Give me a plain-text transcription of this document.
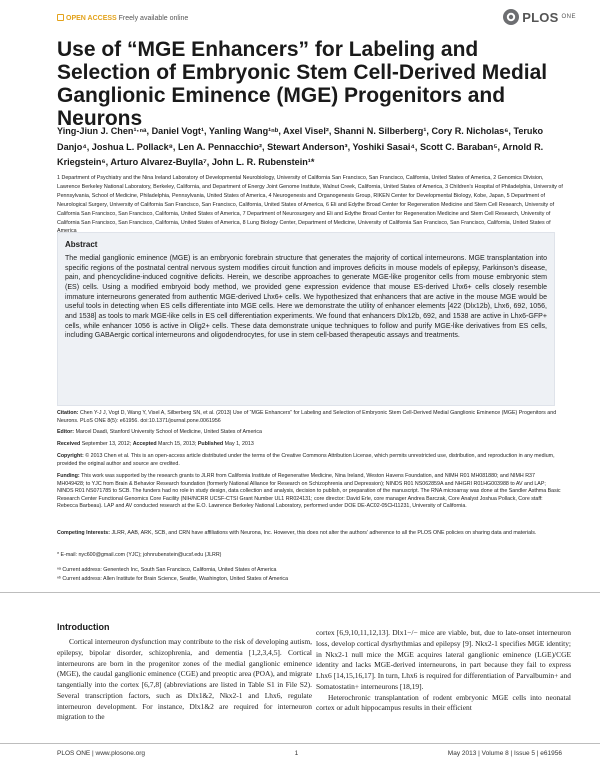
OPEN ACCESS Freely available online	PLOS ONE
Use of “MGE Enhancers” for Labeling and Selection of Embryonic Stem Cell-Derived Medial Ganglionic Eminence (MGE) Progenitors and Neurons
Ying-Jiun J. Chen¹·ⁿᵃ, Daniel Vogt¹, Yanling Wang¹ⁿᵇ, Axel Visel², Shanni N. Silberberg¹, Cory R. Nicholas⁶, Teruko Danjo⁴, Joshua L. Pollack⁸, Len A. Pennacchio², Stewart Anderson³, Yoshiki Sasai⁴, Scott C. Baraban⁵, Arnold R. Kriegstein⁶, Arturo Alvarez-Buylla⁷, John L. R. Rubenstein¹*
1 Department of Psychiatry and the Nina Ireland Laboratory of Developmental Neurobiology, University of California San Francisco, San Francisco, California, United States of America, 2 Genomics Division, Lawrence Berkeley National Laboratory, Berkeley, California, and Department of Energy Joint Genome Institute, Walnut Creek, California, United States of America, 3 Children's Hospital of Philadelphia, University of Pennsylvania, School of Medicine, Philadelphia, Pennsylvania, United States of America, 4 Neurogenesis and Organogenesis Group, RIKEN Center for Developmental Biology, Kobe, Japan, 5 Department of Neurological Surgery, University of California San Francisco, San Francisco, California, United States of America, 6 Eli and Edythe Broad Center for Regeneration Medicine and Stem Cell Research, University of California San Francisco, San Francisco, California, United States of America, 7 Department of Neurosurgery and Eli and Edythe Broad Center for Regeneration Medicine and Stem Cell Research, University of California San Francisco, San Francisco, California, United States of America, 8 Lung Biology Center, Department of Medicine, University of California San Francisco, San Francisco, California, United States of
Abstract
The medial ganglionic eminence (MGE) is an embryonic forebrain structure that generates the majority of cortical interneurons. MGE transplantation into specific regions of the postnatal central nervous system modifies circuit function and improves deficits in mouse models of epilepsy, Parkinson's disease, pain, and phencyclidine-induced cognitive deficits. Herein, we describe approaches to generate MGE-like progenitor cells from mouse embryonic stem (ES) cells. Using a modified embryoid body method, we provided gene expression evidence that mouse ES-derived Lhx6+ cells closely resemble immature interneurons generated from authentic MGE-derived Lhx6+ cells. We hypothesized that enhancers that are active in the mouse MGE would be useful tools in detecting when ES cells differentiate into MGE cells. Here we demonstrate the utility of enhancer elements [422 (Dlx12b), Lhx6, 692, 1056, and 1538] as tools to mark MGE-like cells in ES cell differentiation experiments. We found that enhancers Dlx12b, 692, and 1538 are active in Lhx6-GFP+ cells, while enhancer 1056 is active in Olig2+ cells. These data demonstrate unique techniques to follow and purify MGE-like derivatives from ES cells, including GABAergic cortical interneurons and oligodendrocytes, for use in stem cell-based therapeutic assays and treatments.
Citation: Chen Y-J J, Vogt D, Wang Y, Visel A, Silberberg SN, et al. (2013) Use of “MGE Enhancers” for Labeling and Selection of Embryonic Stem Cell-Derived Medial Ganglionic Eminence (MGE) Progenitors and Neurons. PLoS ONE 8(5): e61956. doi:10.1371/journal.pone.0061956
Editor: Marcel Daadi, Stanford University School of Medicine, United States of America
Received September 13, 2012; Accepted March 15, 2013; Published May 1, 2013
Copyright: © 2013 Chen et al. This is an open-access article distributed under the terms of the Creative Commons Attribution License, which permits unrestricted use, distribution, and reproduction in any medium, provided the original author and source are credited.
Funding: This work was supported by the research grants to JLRR from California Institute of Regenerative Medicine, Nina Ireland, Weston Havens Foundation, and NIMH R01 MH081880; and NIMH R37 MH049428; to YJC from Brain & Behavior Research foundation (formerly National Alliance for Research on Schizophrenia and Depression); NINDS R01 NS062859A and NHGRI R01HG003988 to AV and LAP; NINDS R01 NS071785 to SCB. The funders had no role in study design, data collection and analysis, decision to publish, or preparation of the manuscript. The RNA microarray was done at the Sandler Asthma Basic Research Center Functional Genomics Core Facility (NIH/NCRR UCSF-CTSI Grant Number UL1 RR024131; core director: David Erle, core manager Andrea Barczak, Core Analyst Joshua Pollack, Core staff: Rebecca Barbeau). LAP and AV conducted research at the E.O. Lawrence Berkeley National Laboratory, performed under DOE DE-AC02-05CH11231, University of California.
Competing Interests: JLRR, AAB, ARK, SCB, and CRN have affiliations with Neurona, Inc. However, this does not alter the authors' adherence to all the PLOS ONE policies on sharing data and materials.
* E-mail: nyc600@gmail.com (YJC); johnrubenstein@ucsf.edu (JLRR)
ⁿᵃ Current address: Genentech Inc, South San Francisco, California, United States of America
ⁿᵇ Current address: Allen Institute for Brain Science, Seattle, Washington, United States of America
Introduction
Cortical interneuron dysfunction may contribute to the risk of developing autism, epilepsy, bipolar disorder, schizophrenia, and dementia [1,2,3,4,5]. Cortical interneurons are born in the progenitor zones of the medial ganglionic eminence (MGE), the caudal ganglionic eminence (CGE) and preoptic area (POA), and migrate tangentially into the cortex [6,7,8] (abbreviations are listed in Table S1 in File S2). Several transcription factors, such as Dlx1&2, Nkx2-1 and Lhx6, regulate interneuron development. For instance, Dlx1&2 are required for interneuron migration to the

cortex [6,9,10,11,12,13]. Dlx1−/− mice are viable, but, due to late-onset interneuron loss, develop cortical dysrhythmias and epilepsy [9]. Nkx2-1 specifies MGE identity; in Nkx2-1 null mice the MGE acquires lateral ganglionic eminence (LGE)/CGE identity and lacks MGE-derived interneurons, in part because they fail to express Lhx6 [14,15,16,17]. In turn, Lhx6 is required for differentiation of Parvalbumin+ and Somatostatin+ interneurons [18,19].

Heterochronic transplantation of rodent embryonic MGE cells into neonatal cortex or adult hippocampus results in their efficient

PLOS ONE | www.plosone.org	1	May 2013 | Volume 8 | Issue 5 | e61956
